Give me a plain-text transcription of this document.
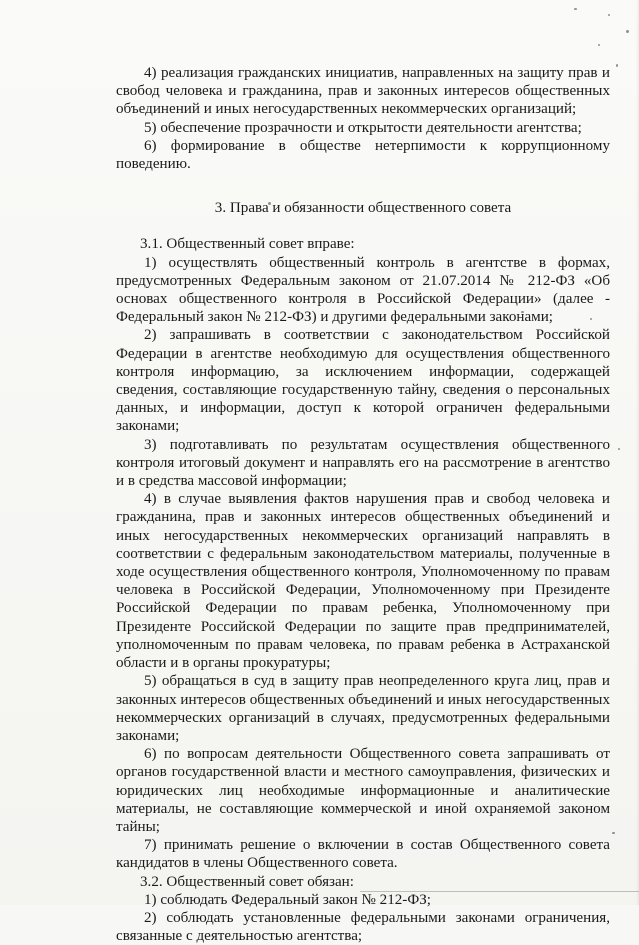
4) реализация гражданских инициатив, направленных на защиту прав и свобод человека и гражданина, прав и законных интересов общественных объединений и иных негосударственных некоммерческих организаций;

5) обеспечение прозрачности и открытости деятельности агентства;

6) формирование в обществе нетерпимости к коррупционному поведению.

3. Права и обязанности общественного совета

3.1. Общественный совет вправе:

1) осуществлять общественный контроль в агентстве в формах, предусмотренных Федеральным законом от 21.07.2014 № 212-ФЗ «Об основах общественного контроля в Российской Федерации» (далее - Федеральный закон № 212-ФЗ) и другими федеральными законами;

2) запрашивать в соответствии с законодательством Российской Федерации в агентстве необходимую для осуществления общественного контроля информацию, за исключением информации, содержащей сведения, составляющие государственную тайну, сведения о персональных данных, и информации, доступ к которой ограничен федеральными законами;

3) подготавливать по результатам осуществления общественного контроля итоговый документ и направлять его на рассмотрение в агентство и в средства массовой информации;

4) в случае выявления фактов нарушения прав и свобод человека и гражданина, прав и законных интересов общественных объединений и иных негосударственных некоммерческих организаций направлять в соответствии с федеральным законодательством материалы, полученные в ходе осуществления общественного контроля, Уполномоченному по правам человека в Российской Федерации, Уполномоченному при Президенте Российской Федерации по правам ребенка, Уполномоченному при Президенте Российской Федерации по защите прав предпринимателей, уполномоченным по правам человека, по правам ребенка в Астраханской области и в органы прокуратуры;

5) обращаться в суд в защиту прав неопределенного круга лиц, прав и законных интересов общественных объединений и иных негосударственных некоммерческих организаций в случаях, предусмотренных федеральными законами;

6) по вопросам деятельности Общественного совета запрашивать от органов государственной власти и местного самоуправления, физических и юридических лиц необходимые информационные и аналитические материалы, не составляющие коммерческой и иной охраняемой законом тайны;

7) принимать решение о включении в состав Общественного совета кандидатов в члены Общественного совета.

3.2. Общественный совет обязан:

1) соблюдать Федеральный закон № 212-ФЗ;

2) соблюдать установленные федеральными законами ограничения, связанные с деятельностью агентства;
